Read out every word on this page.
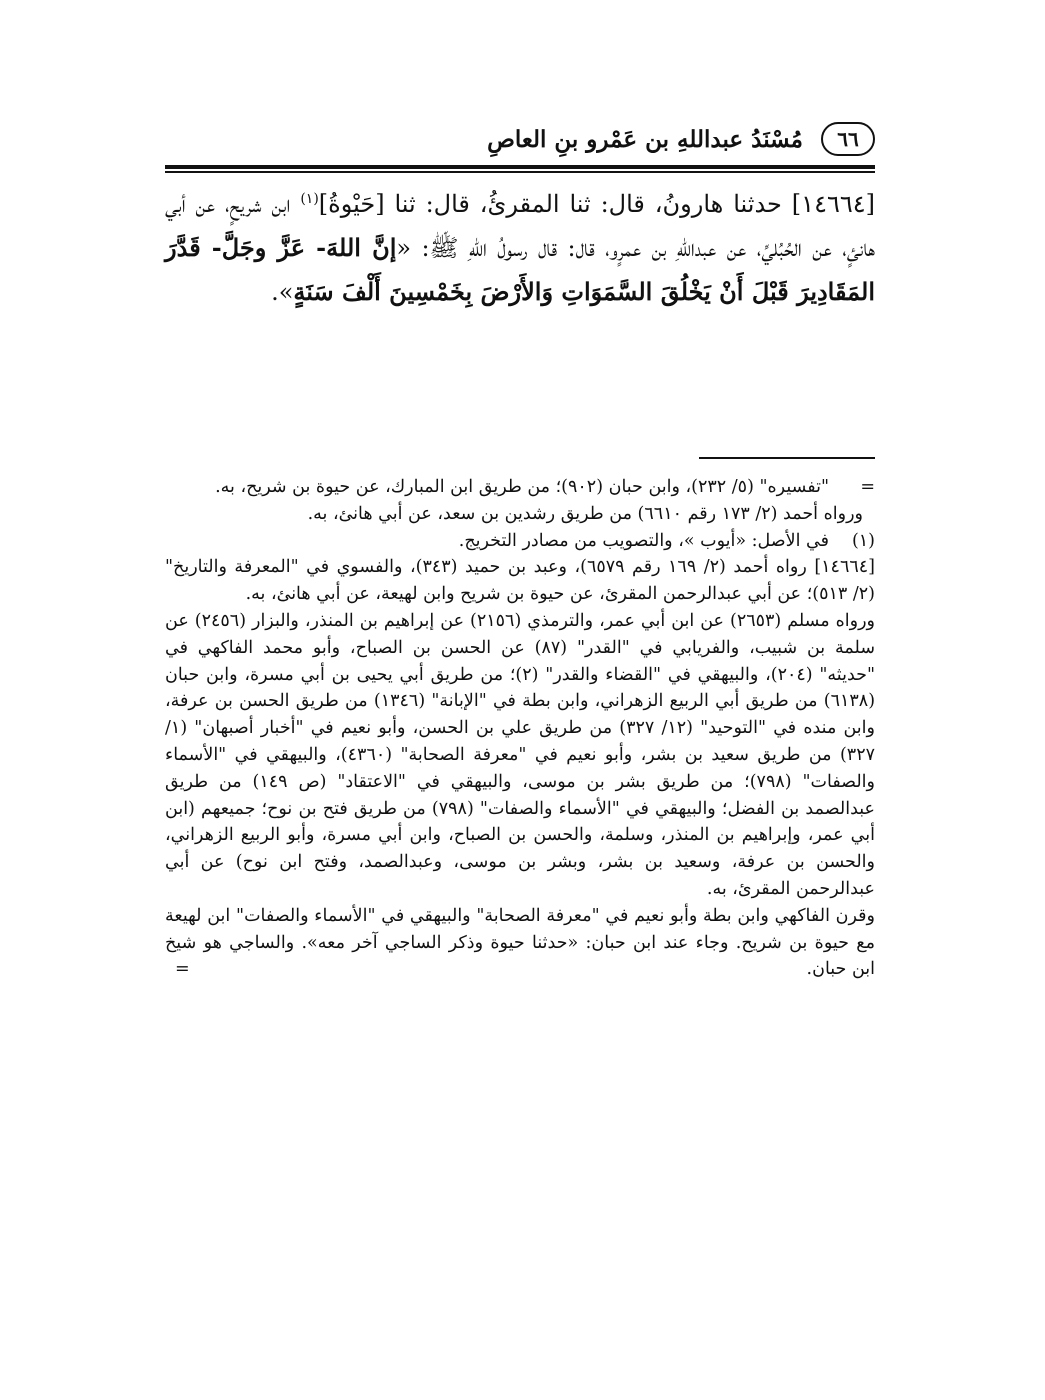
٦٦
مُسْنَدُ عبداللهِ بن عَمْرو بنِ العاصِ

[١٤٦٦٤] حدثنا هارونُ، قال: ثنا المقرئُ، قال: ثنا [حَيْوةُ]$^{(١)}$ ابن شريحٍ، عن أبي هانئٍ، عن الحُبُليِّ، عن عبداللهِ بن عمرٍو، قال: قال رسولُ اللهِ ﷺ: «إنَّ اللهَ- عَزَّ وجَلَّ- قَدَّرَ المَقَادِيرَ قَبْلَ أَنْ يَخْلُقَ السَّمَوَاتِ وَالأَرْضَ بِخَمْسِينَ أَلْفَ سَنَةٍ».

=
"تفسيره" (٥/ ٢٣٢)، وابن حبان (٩٠٢)؛ من طريق ابن المبارك، عن حيوة بن شريح، به.

ورواه أحمد (٢/ ١٧٣ رقم ٦٦١٠) من طريق رشدين بن سعد، عن أبي هانئ، به.

(١)
في الأصل: «أيوب »، والتصويب من مصادر التخريج.

[١٤٦٦٤] رواه أحمد (٢/ ١٦٩ رقم ٦٥٧٩)، وعبد بن حميد (٣٤٣)، والفسوي في "المعرفة والتاريخ" (٢/ ٥١٣)؛ عن أبي عبدالرحمن المقرئ، عن حيوة بن شريح وابن لهيعة، عن أبي هانئ، به.

ورواه مسلم (٢٦٥٣) عن ابن أبي عمر، والترمذي (٢١٥٦) عن إبراهيم بن المنذر، والبزار (٢٤٥٦) عن سلمة بن شبيب، والفريابي في "القدر" (٨٧) عن الحسن بن الصباح، وأبو محمد الفاكهي في "حديثه" (٢٠٤)، والبيهقي في "القضاء والقدر" (٢)؛ من طريق أبي يحيى بن أبي مسرة، وابن حبان (٦١٣٨) من طريق أبي الربيع الزهراني، وابن بطة في "الإبانة" (١٣٤٦) من طريق الحسن بن عرفة، وابن منده في "التوحيد" (١٢/ ٣٢٧) من طريق علي بن الحسن، وأبو نعيم في "أخبار أصبهان" (١/ ٣٢٧) من طريق سعيد بن بشر، وأبو نعيم في "معرفة الصحابة" (٤٣٦٠)، والبيهقي في "الأسماء والصفات" (٧٩٨)؛ من طريق بشر بن موسى، والبيهقي في "الاعتقاد" (ص ١٤٩) من طريق عبدالصمد بن الفضل؛ والبيهقي في "الأسماء والصفات" (٧٩٨) من طريق فتح بن نوح؛ جميعهم (ابن أبي عمر، وإبراهيم بن المنذر، وسلمة، والحسن بن الصباح، وابن أبي مسرة، وأبو الربيع الزهراني، والحسن بن عرفة، وسعيد بن بشر، وبشر بن موسى، وعبدالصمد، وفتح ابن نوح) عن أبي عبدالرحمن المقرئ، به.

وقرن الفاكهي وابن بطة وأبو نعيم في "معرفة الصحابة" والبيهقي في "الأسماء والصفات" ابن لهيعة مع حيوة بن شريح. وجاء عند ابن حبان: «حدثنا حيوة وذكر الساجي آخر معه». والساجي هو شيخ ابن حبان.
=
